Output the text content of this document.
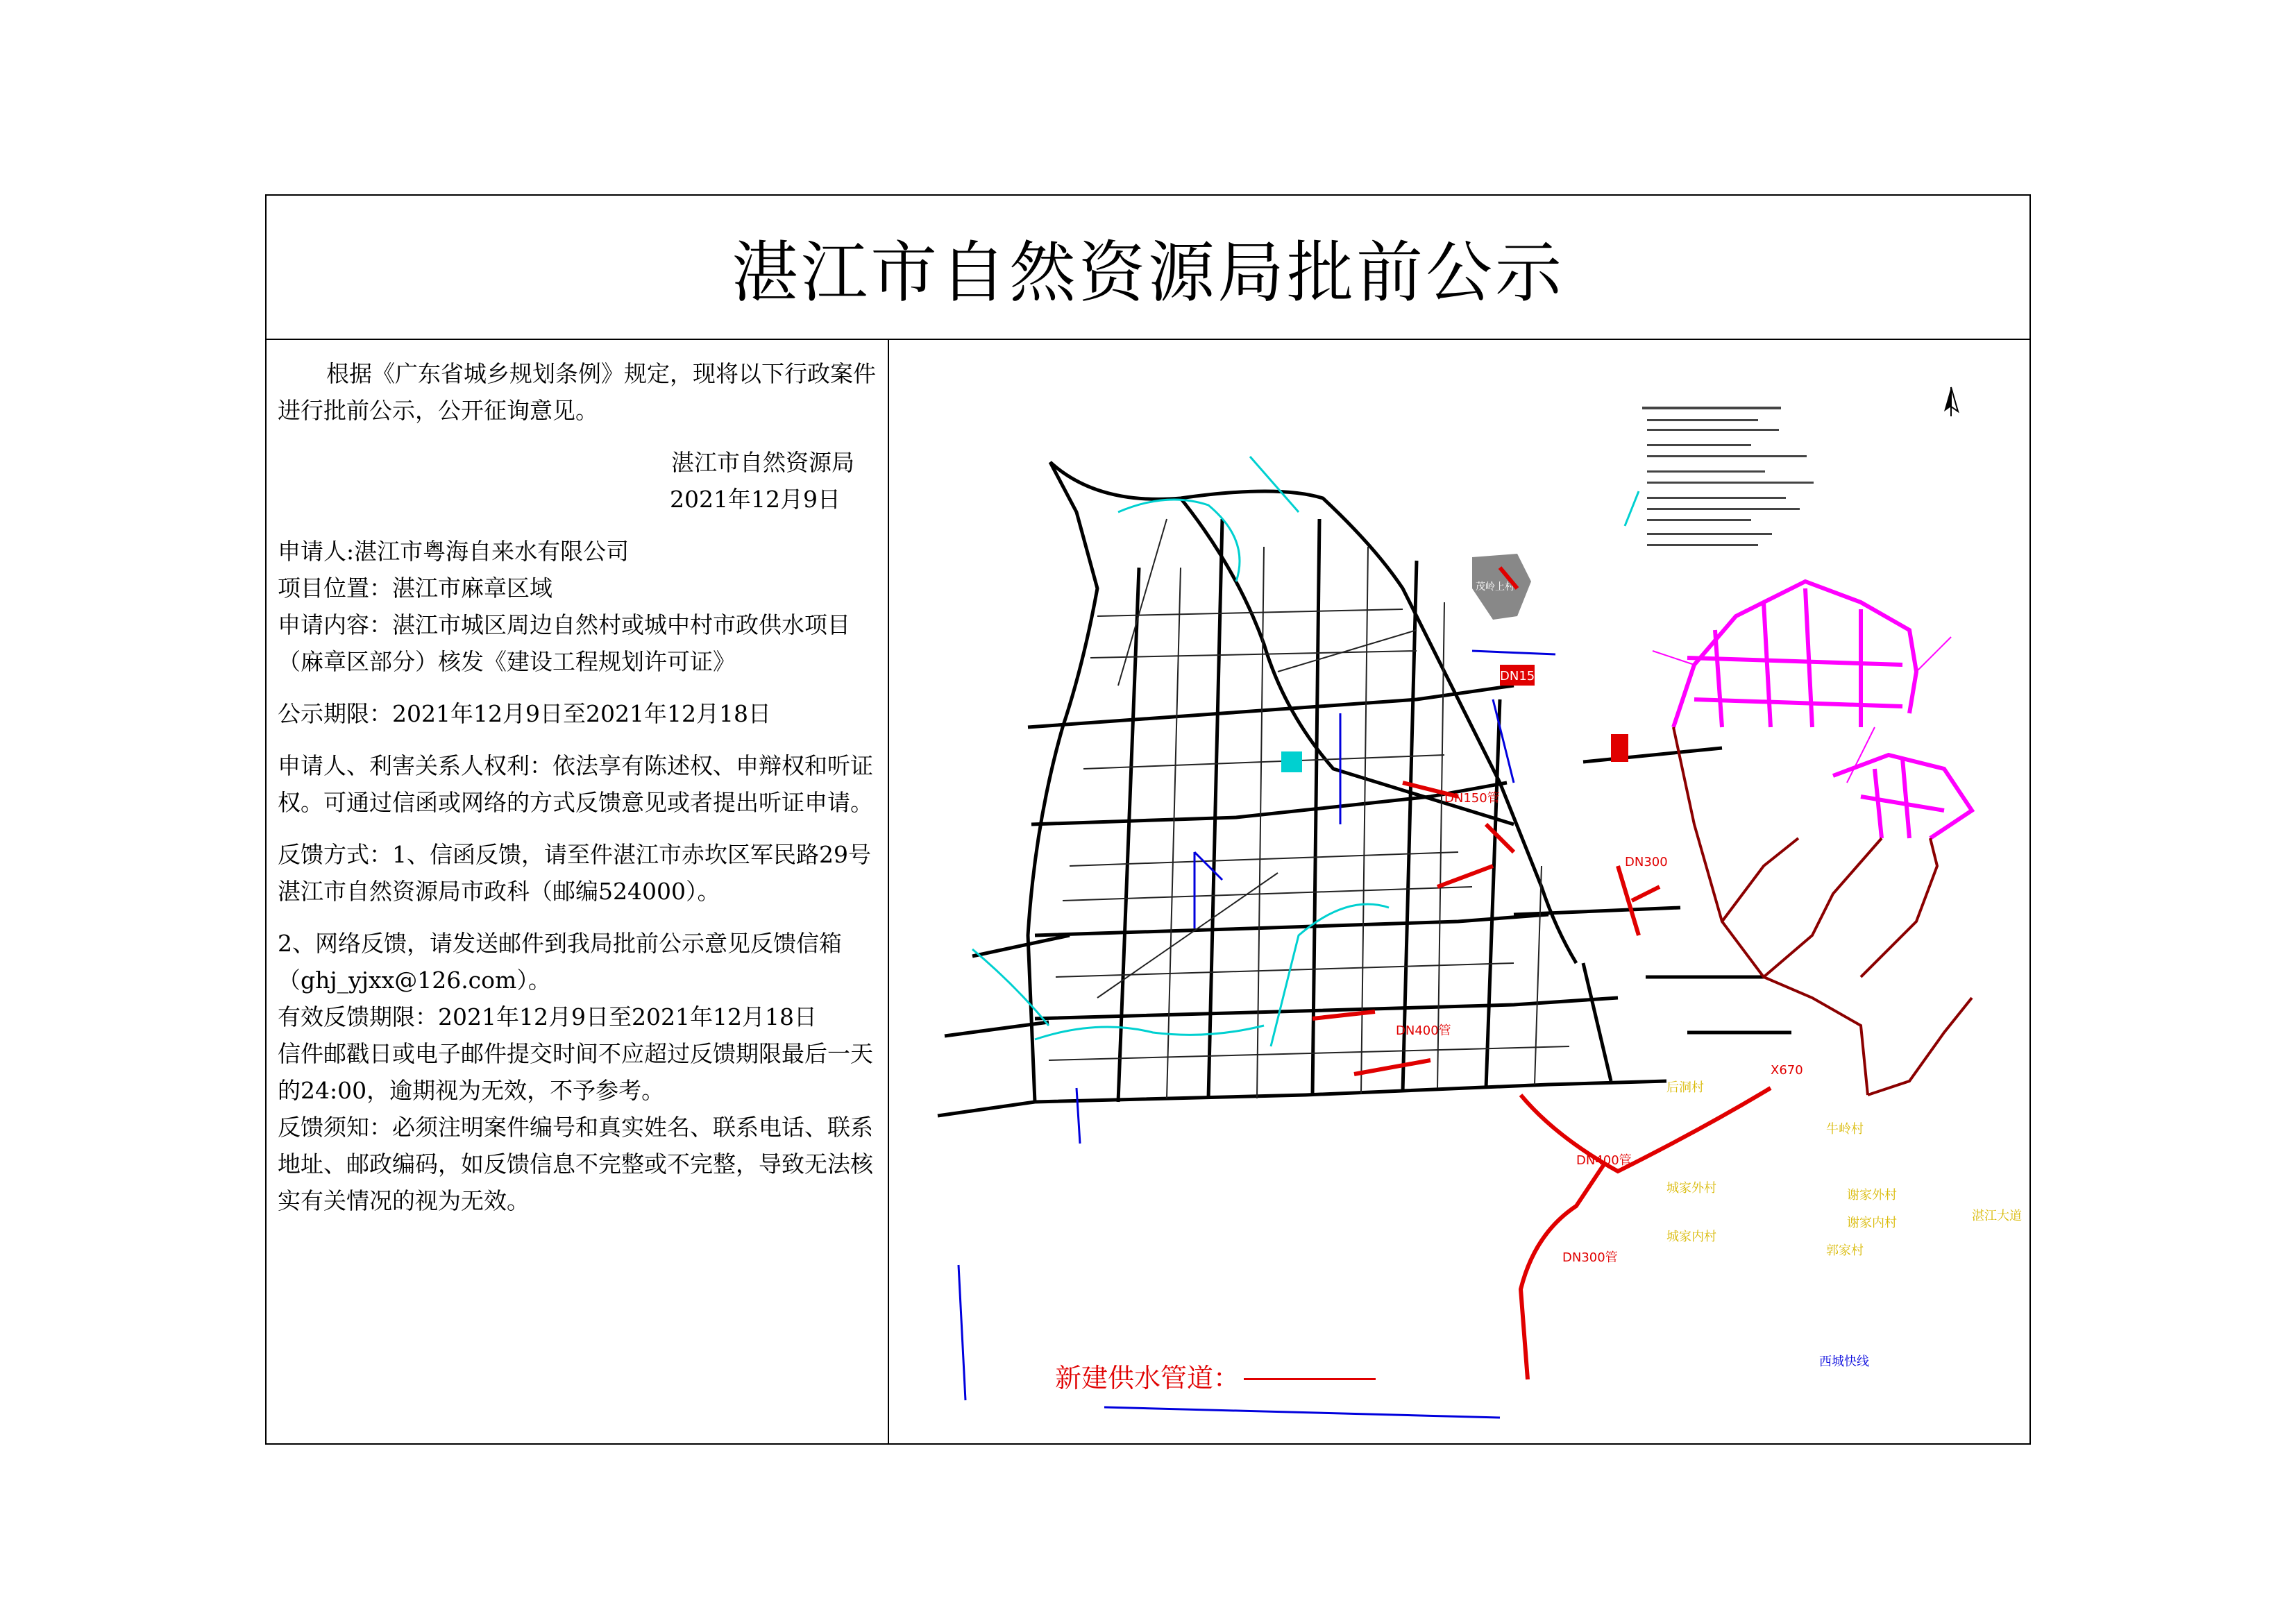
湛江市自然资源局批前公示

根据《广东省城乡规划条例》规定，现将以下行政案件进行批前公示，公开征询意见。

湛江市自然资源局

2021年12月9日

申请人:湛江市粤海自来水有限公司

项目位置：湛江市麻章区域

申请内容：湛江市城区周边自然村或城中村市政供水项目（麻章区部分）核发《建设工程规划许可证》

公示期限：2021年12月9日至2021年12月18日

申请人、利害关系人权利：依法享有陈述权、申辩权和听证权。可通过信函或网络的方式反馈意见或者提出听证申请。

反馈方式：1、信函反馈，请至件湛江市赤坎区军民路29号湛江市自然资源局市政科（邮编524000）。

2、网络反馈，请发送邮件到我局批前公示意见反馈信箱（ghj_yjxx@126.com）。

有效反馈期限：2021年12月9日至2021年12月18日

信件邮戳日或电子邮件提交时间不应超过反馈期限最后一天的24:00，逾期视为无效，不予参考。

反馈须知：必须注明案件编号和真实姓名、联系电话、联系地址、邮政编码，如反馈信息不完整或不完整，导致无法核实有关情况的视为无效。

茂岭上村
DN150管
DN150管
DN300
DN400管
DN400管
DN300管
后洞村
牛岭村
城家外村
城家内村
谢家外村
谢家内村
郭家村
X670
湛江大道
西城快线
新建供水管道：
